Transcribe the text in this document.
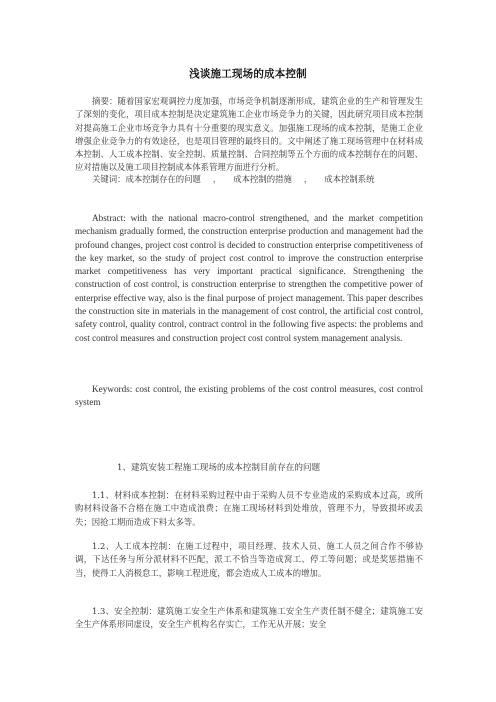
浅谈施工现场的成本控制

摘要：随着国家宏观调控力度加强，市场竞争机制逐渐形成，建筑企业的生产和管理发生了深刻的变化，项目成本控制是决定建筑施工企业市场竞争力的关键，因此研究项目成本控制对提高施工企业市场竞争力具有十分重要的现实意义。加强施工现场的成本控制，是施工企业增强企业竞争力的有效途径，也是项目管理的最终目的。文中阐述了施工现场管理中在材料成本控制、人工成本控制、安全控制、质量控制、合同控制等五个方面的成本控制存在的问题、应对措施以及施工项目控制成本体系管理方面进行分析。

关键词：成本控制存在的问题 ， 成本控制的措施 ， 成本控制系统

Abstract: with the national macro-control strengthened, and the market competition mechanism gradually formed, the construction enterprise production and management had the profound changes, project cost control is decided to construction enterprise competitiveness of the key market, so the study of project cost control to improve the construction enterprise market competitiveness has very important practical significance. Strengthening the construction of cost control, is construction enterprise to strengthen the competitive power of enterprise effective way, also is the final purpose of project management. This paper describes the construction site in materials in the management of cost control, the artificial cost control, safety control, quality control, contract control in the following five aspects: the problems and cost control measures and construction project cost control system management analysis.

Keywords: cost control, the existing problems of the cost control measures, cost control system

1、建筑安装工程施工现场的成本控制目前存在的问题

1.1、材料成本控制：在材料采购过程中由于采购人员不专业造成的采购成本过高，或所购材料设备不合格在施工中造成浪费；在施工现场材料到处堆放，管理不力，导致损坏或丢失；因抢工期而造成下料太多等。

1.2、人工成本控制：在施工过程中，项目经理、技术人员、施工人员之间合作不够协调，下达任务与所分派材料不匹配，派工不恰当等造成窝工、停工等问题；或是奖惩措施不当，使得工人消极怠工，影响工程进度，都会造成人工成本的增加。

1.3、安全控制：建筑施工安全生产体系和建筑施工安全生产责任制不健全；建筑施工安全生产体系形同虚设，安全生产机构名存实亡，工作无从开展；安全
